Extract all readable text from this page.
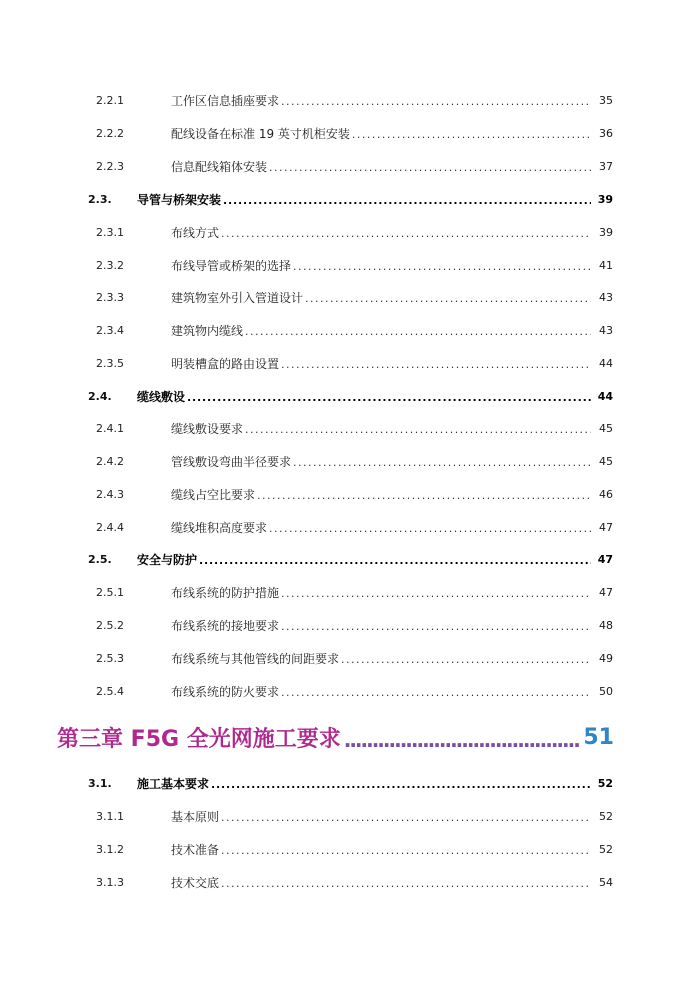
2.2.1	工作区信息插座要求 . . .	35
2.2.2	配线设备在标准 19 英寸机柜安装 . . .	36
2.2.3	信息配线箱体安装 . . .	37
2.3. 导管与桥架安装 . . .	39
2.3.1	布线方式 . . .	39
2.3.2	布线导管或桥架的选择 . . .	41
2.3.3	建筑物室外引入管道设计 . . .	43
2.3.4	建筑物内缆线 . . .	43
2.3.5	明装槽盒的路由设置 . . .	44
2.4. 缆线敷设 . . .	44
2.4.1	缆线敷设要求 . . .	45
2.4.2	管线敷设弯曲半径要求 . . .	45
2.4.3	缆线占空比要求 . . .	46
2.4.4	缆线堆积高度要求 . . .	47
2.5. 安全与防护 . . .	47
2.5.1	布线系统的防护措施 . . .	47
2.5.2	布线系统的接地要求 . . .	48
2.5.3	布线系统与其他管线的间距要求 . . .	49
2.5.4	布线系统的防火要求 . . .	50
第三章 F5G 全光网施工要求 .....	51
3.1. 施工基本要求 . . .	52
3.1.1	基本原则 . . .	52
3.1.2	技术准备 . . .	52
3.1.3	技术交底 . . .	54
